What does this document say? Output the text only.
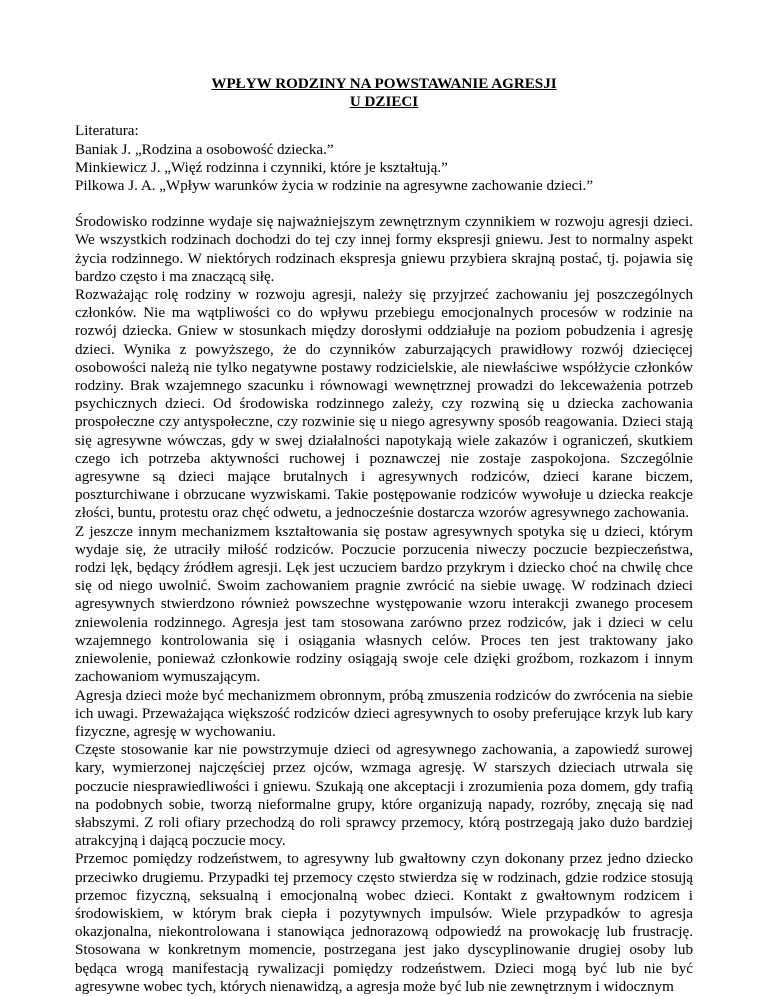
WPŁYW RODZINY NA POWSTAWANIE AGRESJI
U DZIECI
Literatura:
Baniak J. „Rodzina a osobowość dziecka.”
Minkiewicz J. „Więź rodzinna i czynniki, które je kształtują.”
Pilkowa J. A. „Wpływ warunków życia w rodzinie na agresywne zachowanie dzieci.”

Środowisko rodzinne wydaje się najważniejszym zewnętrznym czynnikiem w rozwoju agresji dzieci. We wszystkich rodzinach dochodzi do tej czy innej formy ekspresji gniewu. Jest to normalny aspekt życia rodzinnego. W niektórych rodzinach ekspresja gniewu przybiera skrajną postać, tj. pojawia się bardzo często i ma znaczącą siłę.

Rozważając rolę rodziny w rozwoju agresji, należy się przyjrzeć zachowaniu jej poszczególnych członków. Nie ma wątpliwości co do wpływu przebiegu emocjonalnych procesów w rodzinie na rozwój dziecka. Gniew w stosunkach między dorosłymi oddziałuje na poziom pobudzenia i agresję dzieci. Wynika z powyższego, że do czynników zaburzających prawidłowy rozwój dziecięcej osobowości należą nie tylko negatywne postawy rodzicielskie, ale niewłaściwe współżycie członków rodziny. Brak wzajemnego szacunku i równowagi wewnętrznej prowadzi do lekceważenia potrzeb psychicznych dzieci. Od środowiska rodzinnego zależy, czy rozwiną się u dziecka zachowania prospołeczne czy antyspołeczne, czy rozwinie się u niego agresywny sposób reagowania. Dzieci stają się agresywne wówczas, gdy w swej działalności napotykają wiele zakazów i ograniczeń, skutkiem czego ich potrzeba aktywności ruchowej i poznawczej nie zostaje zaspokojona. Szczególnie agresywne są dzieci mające brutalnych i agresywnych rodziców, dzieci karane biczem, poszturchiwane i obrzucane wyzwiskami. Takie postępowanie rodziców wywołuje u dziecka reakcje złości, buntu, protestu oraz chęć odwetu, a jednocześnie dostarcza wzorów agresywnego zachowania.

Z jeszcze innym mechanizmem kształtowania się postaw agresywnych spotyka się u dzieci, którym wydaje się, że utraciły miłość rodziców. Poczucie porzucenia niweczy poczucie bezpieczeństwa, rodzi lęk, będący źródłem agresji. Lęk jest uczuciem bardzo przykrym i dziecko choć na chwilę chce się od niego uwolnić. Swoim zachowaniem pragnie zwrócić na siebie uwagę. W rodzinach dzieci agresywnych stwierdzono również powszechne występowanie wzoru interakcji zwanego procesem zniewolenia rodzinnego. Agresja jest tam stosowana zarówno przez rodziców, jak i dzieci w celu wzajemnego kontrolowania się i osiągania własnych celów. Proces ten jest traktowany jako zniewolenie, ponieważ członkowie rodziny osiągają swoje cele dzięki groźbom, rozkazom i innym zachowaniom wymuszającym.

Agresja dzieci może być mechanizmem obronnym, próbą zmuszenia rodziców do zwrócenia na siebie ich uwagi. Przeważająca większość rodziców dzieci agresywnych to osoby preferujące krzyk lub kary fizyczne, agresję w wychowaniu.

Częste stosowanie kar nie powstrzymuje dzieci od agresywnego zachowania, a zapowiedź surowej kary, wymierzonej najczęściej przez ojców, wzmaga agresję. W starszych dzieciach utrwala się poczucie niesprawiedliwości i gniewu. Szukają one akceptacji i zrozumienia poza domem, gdy trafią na podobnych sobie, tworzą nieformalne grupy, które organizują napady, rozróby, znęcają się nad słabszymi. Z roli ofiary przechodzą do roli sprawcy przemocy, którą postrzegają jako dużo bardziej atrakcyjną i dającą poczucie mocy.

Przemoc pomiędzy rodzeństwem, to agresywny lub gwałtowny czyn dokonany przez jedno dziecko przeciwko drugiemu. Przypadki tej przemocy często stwierdza się w rodzinach, gdzie rodzice stosują przemoc fizyczną, seksualną i emocjonalną wobec dzieci. Kontakt z gwałtownym rodzicem i środowiskiem, w którym brak ciepła i pozytywnych impulsów. Wiele przypadków to agresja okazjonalna, niekontrolowana i stanowiąca jednorazową odpowiedź na prowokację lub frustrację. Stosowana w konkretnym momencie, postrzegana jest jako dyscyplinowanie drugiej osoby lub będąca wrogą manifestacją rywalizacji pomiędzy rodzeństwem. Dzieci mogą być lub nie być agresywne wobec tych, których nienawidzą, a agresja może być lub nie zewnętrznym i widocznym
